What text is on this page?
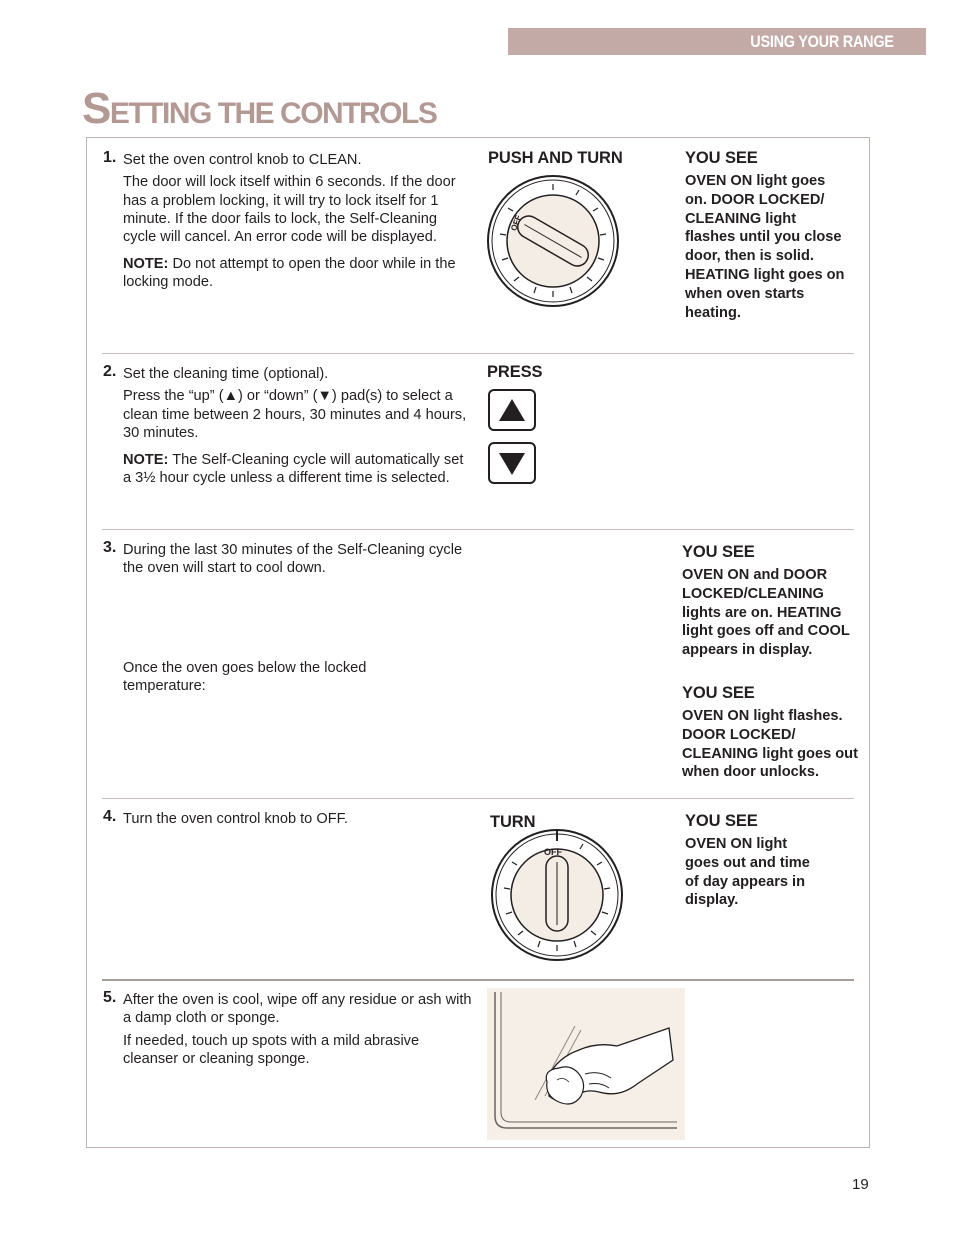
USING YOUR RANGE
SETTING THE CONTROLS
1. Set the oven control knob to CLEAN.

The door will lock itself within 6 seconds. If the door has a problem locking, it will try to lock itself for 1 minute. If the door fails to lock, the Self-Cleaning cycle will cancel. An error code will be displayed.

NOTE: Do not attempt to open the door while in the locking mode.

PUSH AND TURN
OFF
YOU SEE
OVEN ON light goes on. DOOR LOCKED/ CLEANING light flashes until you close door, then is solid. HEATING light goes on when oven starts heating.
2. Set the cleaning time (optional).

Press the “up” (▲) or “down” (▼) pad(s) to select a clean time between 2 hours, 30 minutes and 4 hours, 30 minutes.

NOTE: The Self-Cleaning cycle will automatically set a 3½ hour cycle unless a different time is selected.

PRESS
3. During the last 30 minutes of the Self-Cleaning cycle the oven will start to cool down.

Once the oven goes below the locked temperature:
YOU SEE
OVEN ON and DOOR LOCKED/CLEANING lights are on. HEATING light goes off and COOL appears in display.
YOU SEE
OVEN ON light flashes. DOOR LOCKED/ CLEANING light goes out when door unlocks.
4. Turn the oven control knob to OFF.	TURN
OFF
YOU SEE
OVEN ON light goes out and time of day appears in display.
5. After the oven is cool, wipe off any residue or ash with a damp cloth or sponge.

If needed, touch up spots with a mild abrasive cleanser or cleaning sponge.

19
